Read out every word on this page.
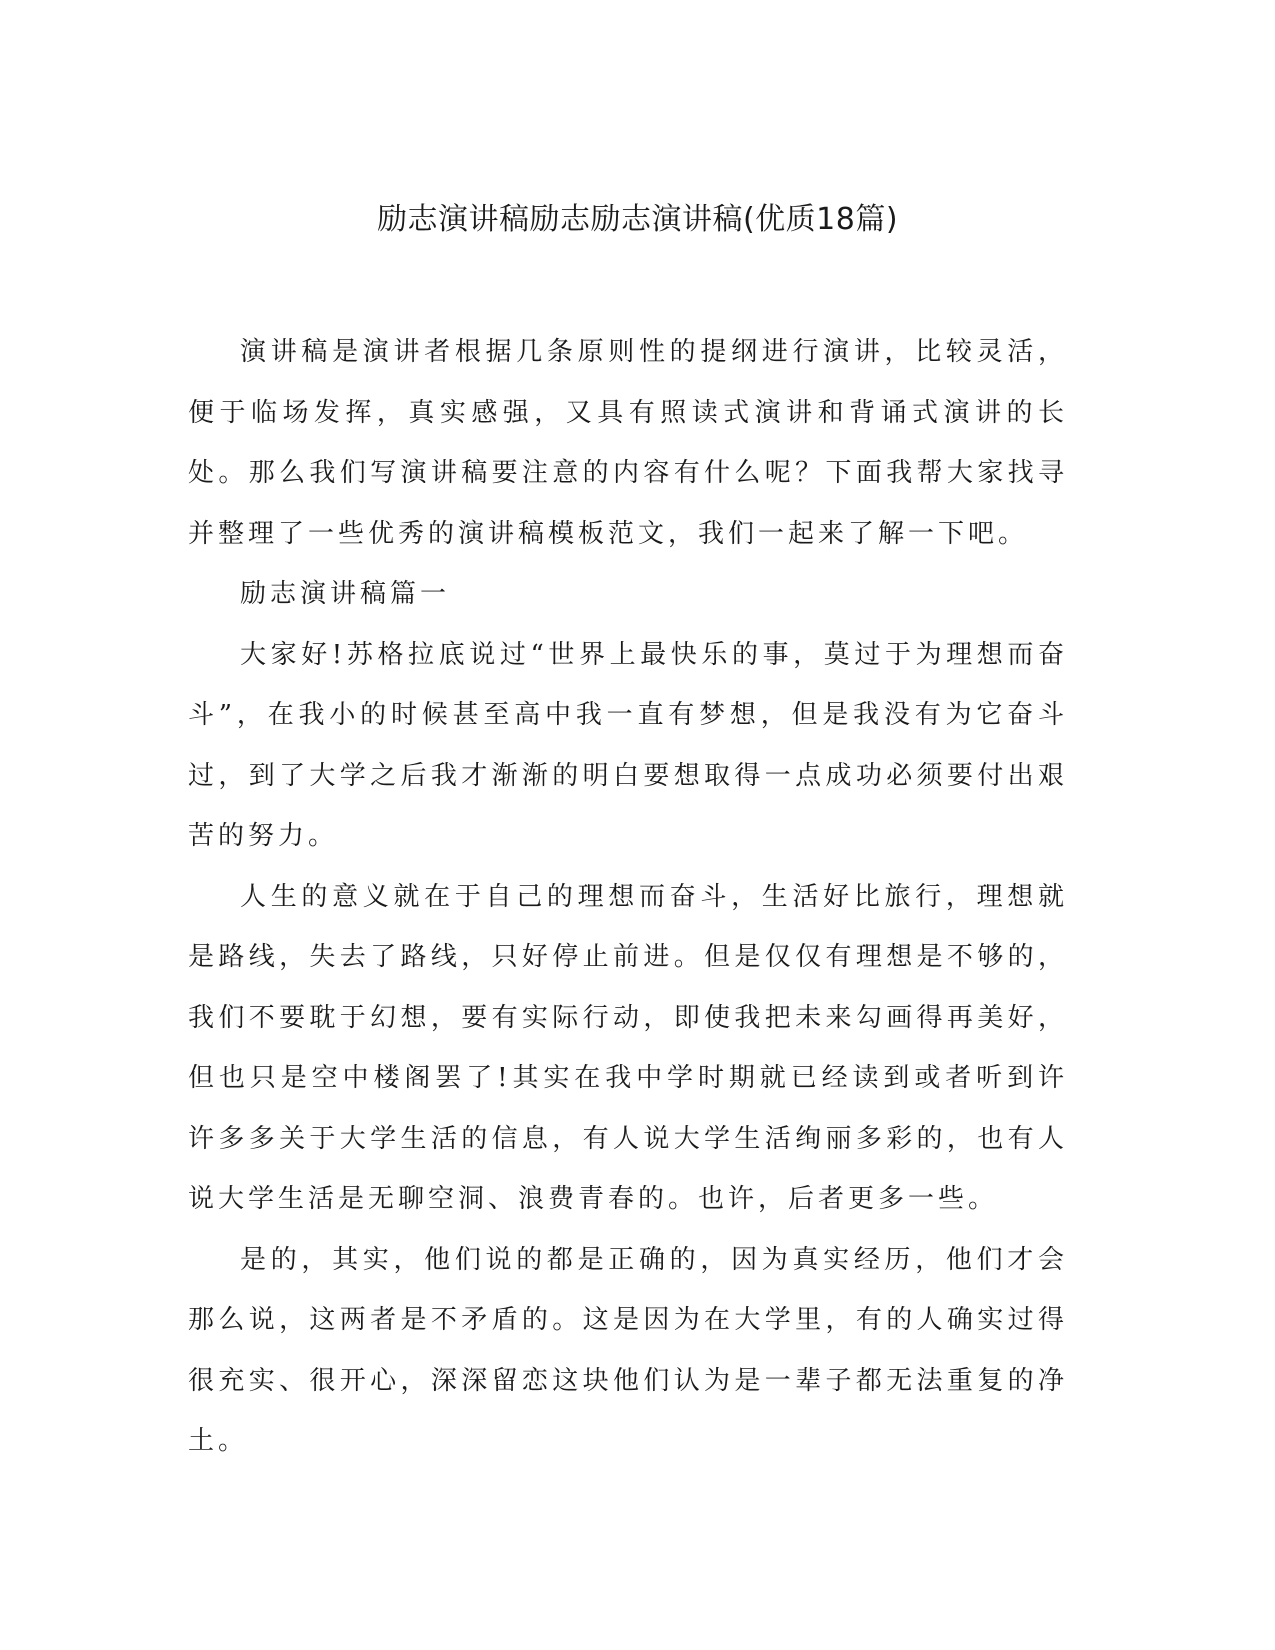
励志演讲稿励志励志演讲稿(优质18篇)

演讲稿是演讲者根据几条原则性的提纲进行演讲，比较灵活，便于临场发挥，真实感强，又具有照读式演讲和背诵式演讲的长处。那么我们写演讲稿要注意的内容有什么呢？下面我帮大家找寻并整理了一些优秀的演讲稿模板范文，我们一起来了解一下吧。

励志演讲稿篇一

大家好!苏格拉底说过“世界上最快乐的事，莫过于为理想而奋斗”，在我小的时候甚至高中我一直有梦想，但是我没有为它奋斗过，到了大学之后我才渐渐的明白要想取得一点成功必须要付出艰苦的努力。

人生的意义就在于自己的理想而奋斗，生活好比旅行，理想就是路线，失去了路线，只好停止前进。但是仅仅有理想是不够的，我们不要耽于幻想，要有实际行动，即使我把未来勾画得再美好，但也只是空中楼阁罢了!其实在我中学时期就已经读到或者听到许许多多关于大学生活的信息，有人说大学生活绚丽多彩的，也有人说大学生活是无聊空洞、浪费青春的。也许，后者更多一些。

是的，其实，他们说的都是正确的，因为真实经历，他们才会那么说，这两者是不矛盾的。这是因为在大学里，有的人确实过得很充实、很开心，深深留恋这块他们认为是一辈子都无法重复的净土。
